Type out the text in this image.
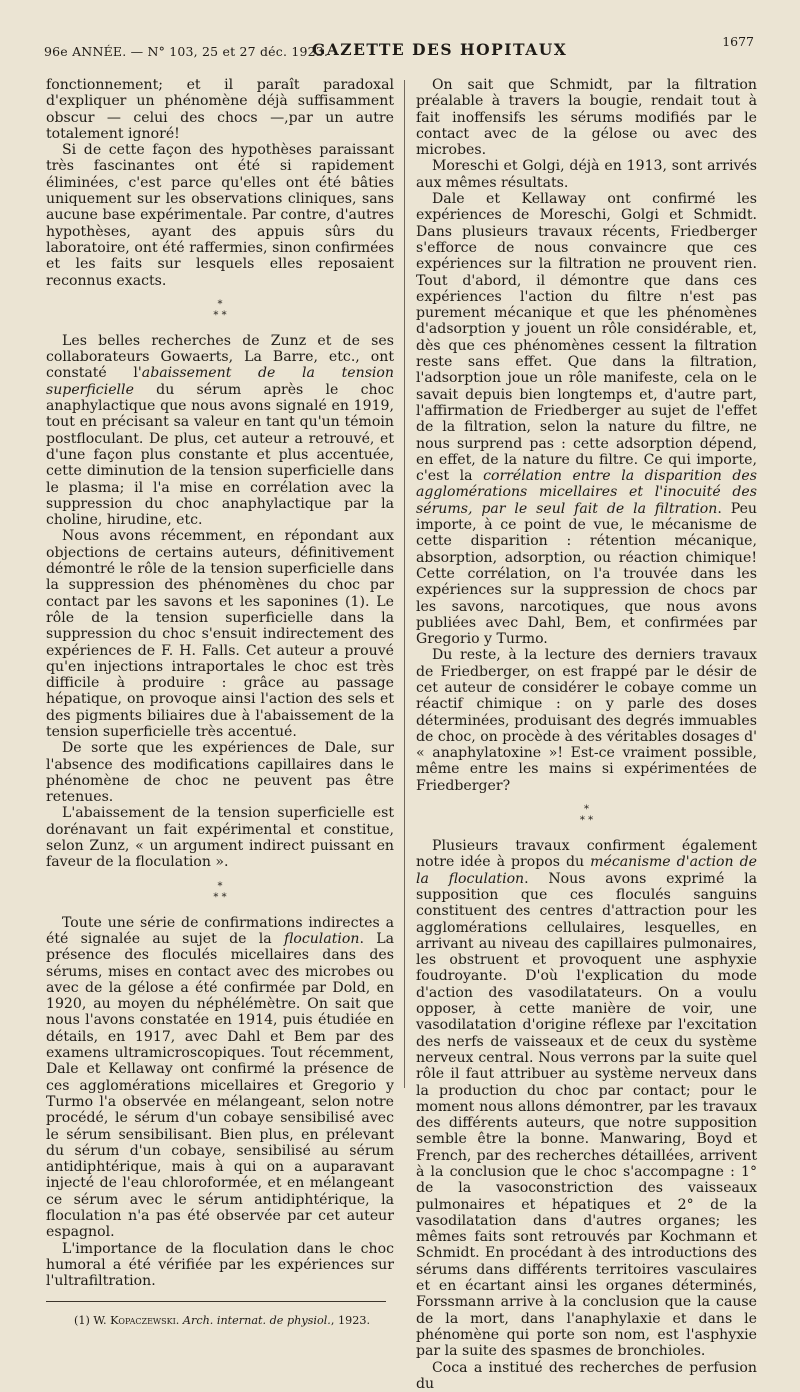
96e ANNÉE. — N° 103, 25 et 27 déc. 1923.
GAZETTE DES HOPITAUX	1677

fonctionnement; et il paraît paradoxal d'expliquer un phénomène déjà suffisamment obscur — celui des chocs —,par un autre totalement ignoré!

Si de cette façon des hypothèses paraissant très fascinantes ont été si rapidement éliminées, c'est parce qu'elles ont été bâties uniquement sur les observations cliniques, sans aucune base expérimentale. Par contre, d'autres hypothèses, ayant des appuis sûrs du laboratoire, ont été raffermies, sinon confirmées et les faits sur lesquels elles reposaient reconnus exacts.

*
* *

Les belles recherches de Zunz et de ses collaborateurs Gowaerts, La Barre, etc., ont constaté l'abaissement de la tension superficielle du sérum après le choc anaphylactique que nous avons signalé en 1919, tout en précisant sa valeur en tant qu'un témoin postfloculant. De plus, cet auteur a retrouvé, et d'une façon plus constante et plus accentuée, cette diminution de la tension superficielle dans le plasma; il l'a mise en corrélation avec la suppression du choc anaphylactique par la choline, hirudine, etc.

Nous avons récemment, en répondant aux objections de certains auteurs, définitivement démontré le rôle de la tension superficielle dans la suppression des phénomènes du choc par contact par les savons et les saponines (1). Le rôle de la tension superficielle dans la suppression du choc s'ensuit indirectement des expériences de F. H. Falls. Cet auteur a prouvé qu'en injections intraportales le choc est très difficile à produire : grâce au passage hépatique, on provoque ainsi l'action des sels et des pigments biliaires due à l'abaissement de la tension superficielle très accentué.

De sorte que les expériences de Dale, sur l'absence des modifications capillaires dans le phénomène de choc ne peuvent pas être retenues.

L'abaissement de la tension superficielle est dorénavant un fait expérimental et constitue, selon Zunz, « un argument indirect puissant en faveur de la floculation ».

*
* *

Toute une série de confirmations indirectes a été signalée au sujet de la floculation. La présence des floculés micellaires dans des sérums, mises en contact avec des microbes ou avec de la gélose a été confirmée par Dold, en 1920, au moyen du néphélémètre. On sait que nous l'avons constatée en 1914, puis étudiée en détails, en 1917, avec Dahl et Bem par des examens ultramicroscopiques. Tout récemment, Dale et Kellaway ont confirmé la présence de ces agglomérations micellaires et Gregorio y Turmo l'a observée en mélangeant, selon notre procédé, le sérum d'un cobaye sensibilisé avec le sérum sensibilisant. Bien plus, en prélevant du sérum d'un cobaye, sensibilisé au sérum antidiphtérique, mais à qui on a auparavant injecté de l'eau chloroformée, et en mélangeant ce sérum avec le sérum antidiphtérique, la floculation n'a pas été observée par cet auteur espagnol.

L'importance de la floculation dans le choc humoral a été vérifiée par les expériences sur l'ultrafiltration.

(1) W. Kopaczewski. Arch. internat. de physiol., 1923.

On sait que Schmidt, par la filtration préalable à travers la bougie, rendait tout à fait inoffensifs les sérums modifiés par le contact avec de la gélose ou avec des microbes.

Moreschi et Golgi, déjà en 1913, sont arrivés aux mêmes résultats.

Dale et Kellaway ont confirmé les expériences de Moreschi, Golgi et Schmidt. Dans plusieurs travaux récents, Friedberger s'efforce de nous convaincre que ces expériences sur la filtration ne prouvent rien. Tout d'abord, il démontre que dans ces expériences l'action du filtre n'est pas purement mécanique et que les phénomènes d'adsorption y jouent un rôle considérable, et, dès que ces phénomènes cessent la filtration reste sans effet. Que dans la filtration, l'adsorption joue un rôle manifeste, cela on le savait depuis bien longtemps et, d'autre part, l'affirmation de Friedberger au sujet de l'effet de la filtration, selon la nature du filtre, ne nous surprend pas : cette adsorption dépend, en effet, de la nature du filtre. Ce qui importe, c'est la corrélation entre la disparition des agglomérations micellaires et l'inocuité des sérums, par le seul fait de la filtration. Peu importe, à ce point de vue, le mécanisme de cette disparition : rétention mécanique, absorption, adsorption, ou réaction chimique! Cette corrélation, on l'a trouvée dans les expériences sur la suppression de chocs par les savons, narcotiques, que nous avons publiées avec Dahl, Bem, et confirmées par Gregorio y Turmo.

Du reste, à la lecture des derniers travaux de Friedberger, on est frappé par le désir de cet auteur de considérer le cobaye comme un réactif chimique : on y parle des doses déterminées, produisant des degrés immuables de choc, on procède à des véritables dosages d' « anaphylatoxine »! Est-ce vraiment possible, même entre les mains si expérimentées de Friedberger?

*
* *

Plusieurs travaux confirment également notre idée à propos du mécanisme d'action de la floculation. Nous avons exprimé la supposition que ces floculés sanguins constituent des centres d'attraction pour les agglomérations cellulaires, lesquelles, en arrivant au niveau des capillaires pulmonaires, les obstruent et provoquent une asphyxie foudroyante. D'où l'explication du mode d'action des vasodilatateurs. On a voulu opposer, à cette manière de voir, une vasodilatation d'origine réflexe par l'excitation des nerfs de vaisseaux et de ceux du système nerveux central. Nous verrons par la suite quel rôle il faut attribuer au système nerveux dans la production du choc par contact; pour le moment nous allons démontrer, par les travaux des différents auteurs, que notre supposition semble être la bonne. Manwaring, Boyd et French, par des recherches détaillées, arrivent à la conclusion que le choc s'accompagne : 1° de la vasoconstriction des vaisseaux pulmonaires et hépatiques et 2° de la vasodilatation dans d'autres organes; les mêmes faits sont retrouvés par Kochmann et Schmidt. En procédant à des introductions des sérums dans différents territoires vasculaires et en écartant ainsi les organes déterminés, Forssmann arrive à la conclusion que la cause de la mort, dans l'anaphylaxie et dans le phénomène qui porte son nom, est l'asphyxie par la suite des spasmes de bronchioles.

Coca a institué des recherches de perfusion du
